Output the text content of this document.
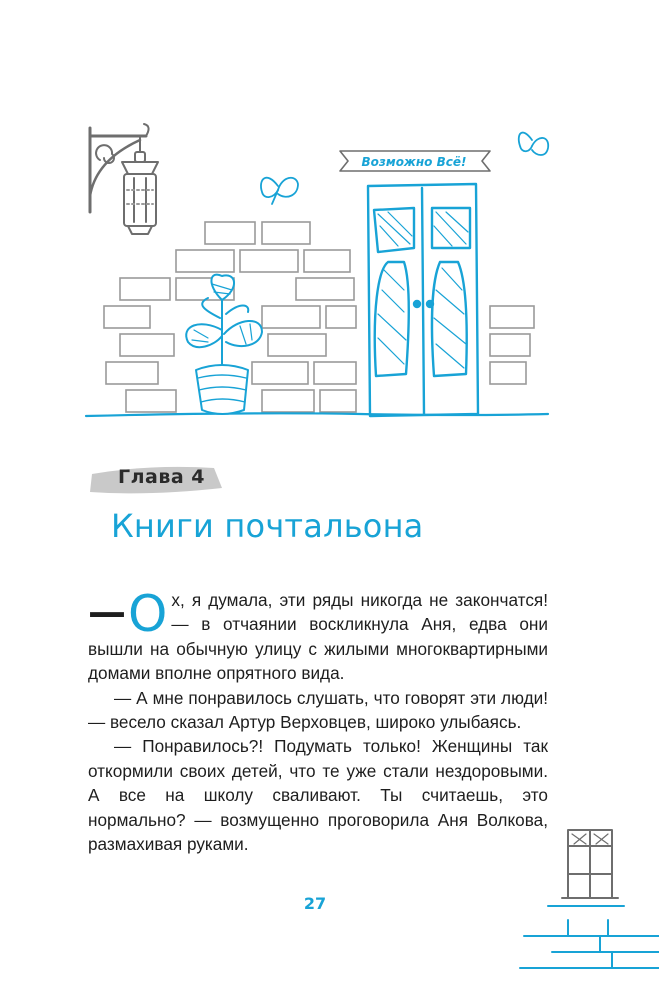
Возможно Всё!
Глава 4
Книги почтальона

— О х, я думала, эти ряды никогда не закончатся! — в отчаянии воскликнула Аня, едва они вышли на обычную улицу с жилыми многоквартирными домами вполне опрятного вида.

— А мне понравилось слушать, что говорят эти люди! — весело сказал Артур Верховцев, широко улыбаясь.

— Понравилось?! Подумать только! Женщины так откормили своих детей, что те уже стали нездоровыми. А все на школу сваливают. Ты считаешь, это нормально? — возмущенно проговорила Аня Волкова, размахивая руками.

27
